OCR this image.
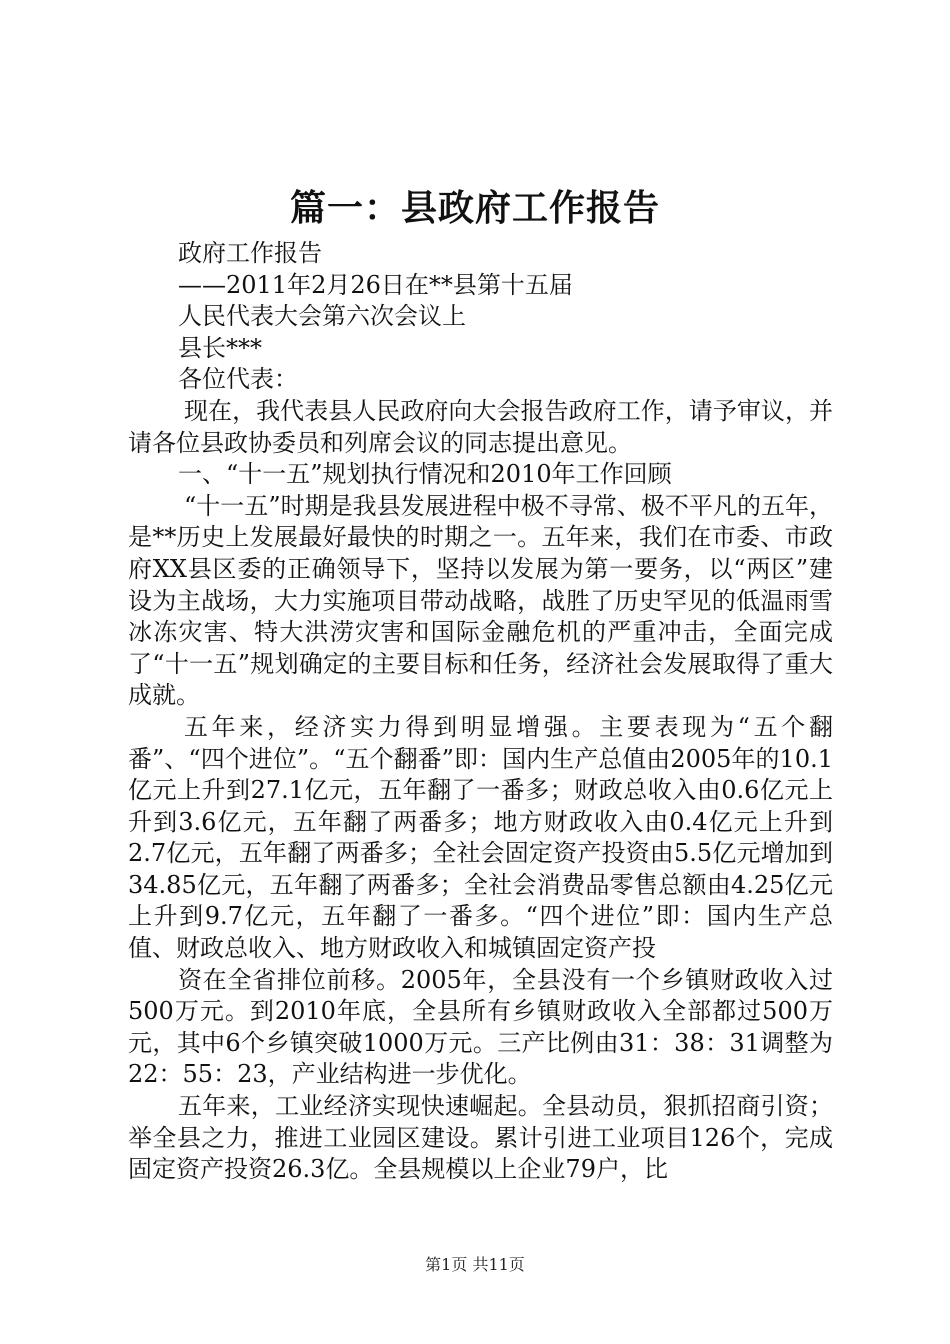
篇一：县政府工作报告

政府工作报告

——2011年2月26日在**县第十五届

人民代表大会第六次会议上

县长***

各位代表：

现在，我代表县人民政府向大会报告政府工作，请予审议，并请各位县政协委员和列席会议的同志提出意见。

一、“十一五”规划执行情况和2010年工作回顾

“十一五”时期是我县发展进程中极不寻常、极不平凡的五年，是**历史上发展最好最快的时期之一。五年来，我们在市委、市政府XX县区委的正确领导下，坚持以发展为第一要务，以“两区”建设为主战场，大力实施项目带动战略，战胜了历史罕见的低温雨雪冰冻灾害、特大洪涝灾害和国际金融危机的严重冲击，全面完成了“十一五”规划确定的主要目标和任务，经济社会发展取得了重大成就。

五年来，经济实力得到明显增强。主要表现为“五个翻番”、“四个进位”。“五个翻番”即：国内生产总值由2005年的10.1亿元上升到27.1亿元，五年翻了一番多；财政总收入由0.6亿元上升到3.6亿元，五年翻了两番多；地方财政收入由0.4亿元上升到2.7亿元，五年翻了两番多；全社会固定资产投资由5.5亿元增加到34.85亿元，五年翻了两番多；全社会消费品零售总额由4.25亿元上升到9.7亿元，五年翻了一番多。“四个进位”即：国内生产总值、财政总收入、地方财政收入和城镇固定资产投

资在全省排位前移。2005年，全县没有一个乡镇财政收入过500万元。到2010年底，全县所有乡镇财政收入全部都过500万元，其中6个乡镇突破1000万元。三产比例由31：38：31调整为22：55：23，产业结构进一步优化。

五年来，工业经济实现快速崛起。全县动员，狠抓招商引资；举全县之力，推进工业园区建设。累计引进工业项目126个，完成固定资产投资26.3亿。全县规模以上企业79户，比

第1页 共11页
